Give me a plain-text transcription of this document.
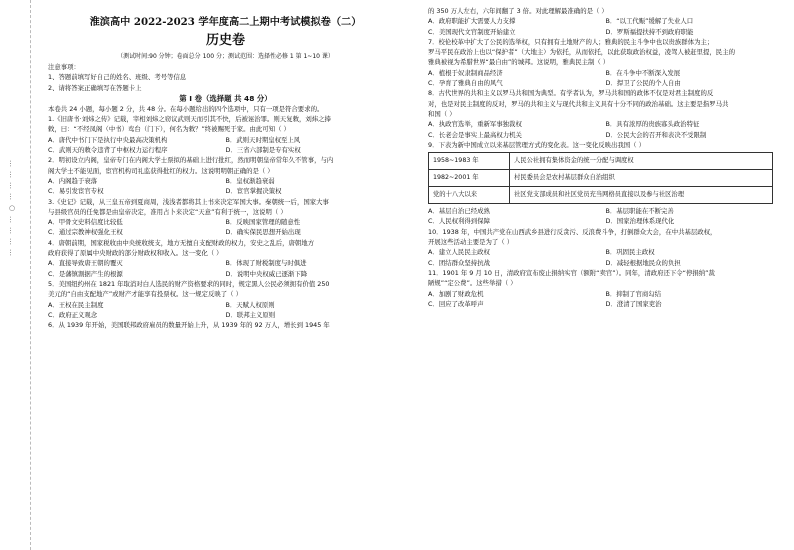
…………○…………
淮滨高中 2022-2023 学年度高二上期中考试模拟卷（二）
历史卷
（测试时间:90 分钟；卷面总分 100 分；测试范围：选择性必修 1 第 1~10 课）
注意事项：
1、答题前填写好自己的姓名、班级、考号等信息
2、请将答案正确填写在答题卡上
第 I 卷（选择题 共 48 分）
本卷共 24 小题，每小题 2 分，共 48 分。在每小题给出的四个选项中，只有一项是符合要求的。
1.《旧唐书·刘炜之传》记载，宰相刘炜之窃议武则天而引其不快，后被诬治罪。则天复敕，刘炜之捧
敕，曰：“不经凤阁（中书）鸾台（门下），何名为敕？”终被赐死于家。由此可知（ ）
A．唐代中书门下是执行中央最高决策机构	B．武则天时期皇权至上风
C．武则天的敕令违背了中枢权力运行程序	D．三省六部制是专有实权
2．明初设立内阁，皇帝专门在内阁大学士票拟的基础上进行批红，然而明朝皇帝常年久不管事，与内
阁大学士不能见面，宦官机构司礼监获得批红的权力。这说明明朝正确的是（ ）
A．内阁趋于衰落	B．皇权渐趋衰弱
C．易引发宦官专权	D．宦官掌握决策权
3.《史记》记载，从三皇五帝到夏商周，浅浅者都将其上书来决定军国大事。秦朝统一后，国家大事
与县级官员的任免都是由皇帝决定，准用占卜来决定“天意”有利于统一，这说明（ ）
A．甲骨文史料信度比较低	B．反映国家管理的随意性
C．通过宗教神权强化王权	D．确实保民思想开始出现
4．唐朝前期，国家税收由中央统收统支，地方无擅自支配财政的权力，安史之乱后，唐朝地方
政府获得了原属中央财政的部分财政权和收入。这一变化（ ）
A．直接导致唐王朝的覆灭	B．体现了财税制度与时俱进
C．是藩镇割据产生的根源	D．说明中央权威已逐渐下降
5．美国纽约州在 1821 年取消对白人选民的财产资格要求的同时，规定黑人公民必须拥有价值 250
美元的“自由支配地产”或财产才能享有投票权。这一规定反映了（ ）
A．王权在民主制度	B．天赋人权原则
C．政府正义观念	D．联邦主义原则
6．从 1939 年开始，美国联邦政府雇员的数量开始上升，从 1939 年的 92 万人，增长到 1945 年
的 350 万人左右，六年间翻了 3 倍。对此理解最准确的是（ ）
A．政府职能扩大需要人力支撑	B．“以工代赈”缓解了失业人口
C．美国现代文官制度开始建立	D．罗斯福提扶持不到政府职能
7．校伦校革中扩大了公民的选举权，只有拥有土地财产的人；雅典的民主斗争中也以贵族群体为主；
罗马平民在政治上也以“保护者”（大地主）为依托，从而依托，以此获取政治权益，凌驾人被赶里提，民主的
雅典被视为希腊世界“最自由”的城邦。这说明，雅典民主制（ ）
A．植根于奴隶制商品经济	B．在斗争中不断深入发展
C．孕育了雅典自由的风气	D．捍卫了公民的个人自由
8．古代世界的共和主义以罗马共和国为典型。有学者认为，罗马共和国的政体不仅是对君主制度的反
对，也是对民主制度的反对，罗马的共和主义与现代共和主义具有十分不同的政治基础。这主要是指罗马共
和国（ ）
A．执政官选举，重新军事独裁权	B．具有浓厚的贵族寡头政治特征
C．长老会是事实上最高权力机关	D．公民大会的召开和表决不受限制
9．下表为新中国成立以来基层管理方式的变化表。这一变化反映出我国（ ）
1958~1983 年	人民公社拥有集体资金的统一分配与调度权
1982~2001 年	村民委员会是农村基层群众自治组织
党的十八大以来	社区党支部成员和社区党员充当网格员直接以及参与社区治理
A．基层自治已经成熟	B．基层职能在不断完善
C．人民权利得到保障	D．国家治理体系现代化
10．1938 年，中国共产党在山西武乡县进行反贪污、反浪费斗争，打倒群众大会，在中共基层政权，
开展这些活动主要是为了（ ）
A．建立人民民主政权	B．巩固民主政权
C．团结群众坚持抗战	D．减轻根据地民众的负担
11．1901 年 9 月 10 日，清政府宣布废止捐纳实官（额附“卖官”）。同年，清政府还下令“停捐纳”裁
陋规”“定公费”。这些举措（ ）
A．加剧了财政危机	B．抑制了官商勾结
C．回应了改革呼声	D．澄清了国家吏治
